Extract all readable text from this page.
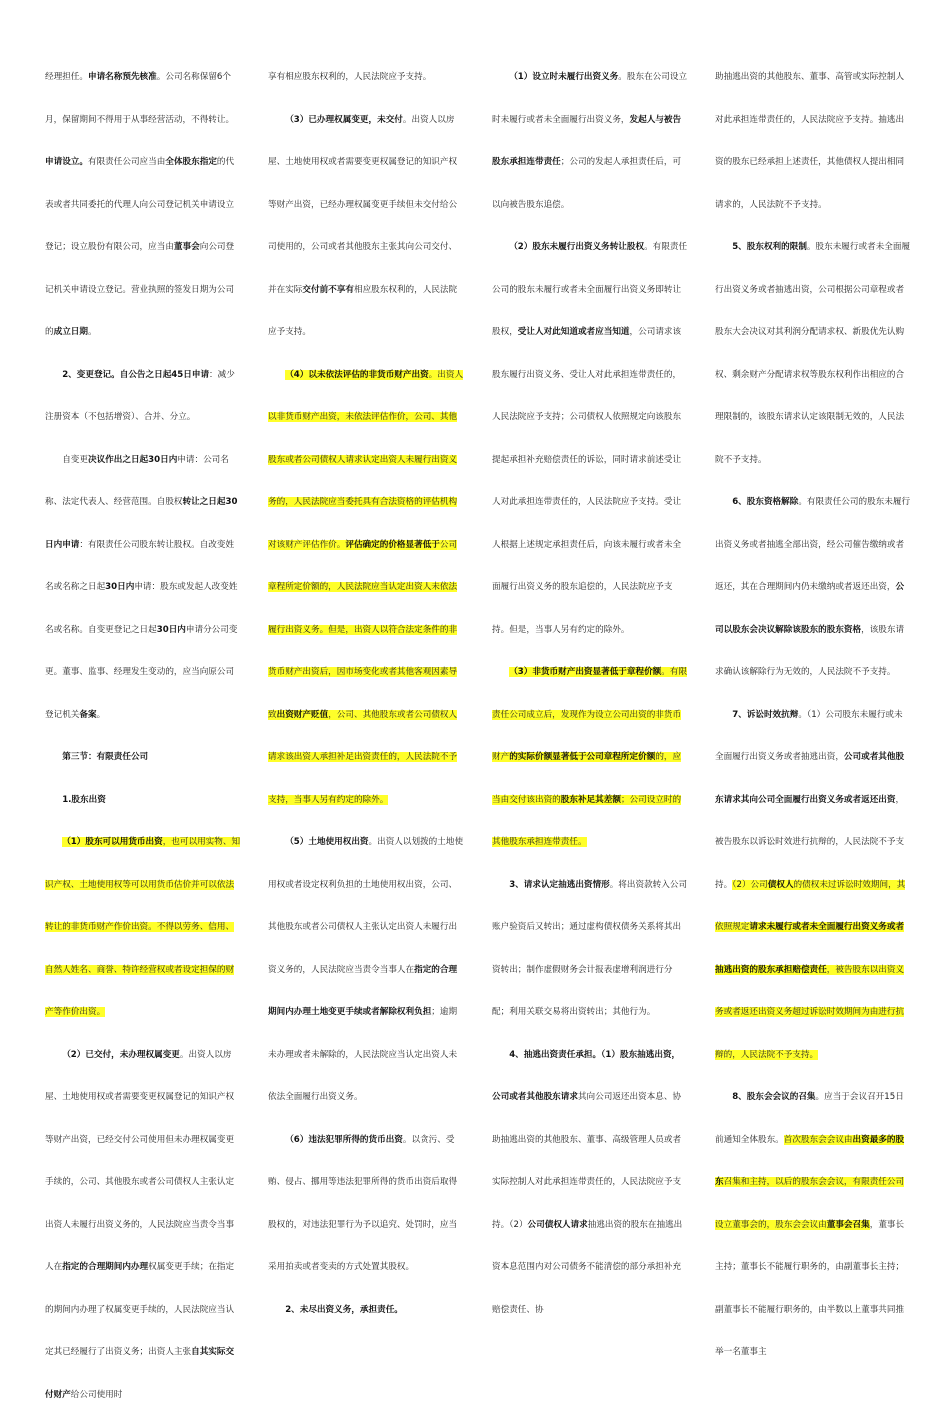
经理担任。申请名称预先核准。公司名称保留6个月，保留期间不得用于从事经营活动，不得转让。申请设立。有限责任公司应当由全体股东指定的代表或者共同委托的代理人向公司登记机关申请设立登记；设立股份有限公司，应当由董事会向公司登记机关申请设立登记。营业执照的签发日期为公司的成立日期。

2、变更登记。自公告之日起45日申请：减少注册资本（不包括增资）、合并、分立。

自变更决议作出之日起30日内申请：公司名称、法定代表人、经营范围。自股权转让之日起30日内申请：有限责任公司股东转让股权。自改变姓名或名称之日起30日内申请：股东或发起人改变姓名或名称。自变更登记之日起30日内申请分公司变更。董事、监事、经理发生变动的，应当向原公司登记机关备案。

第三节：有限责任公司

1.股东出资

（1）股东可以用货币出资，也可以用实物、知识产权、土地使用权等可以用货币估价并可以依法转让的非货币财产作价出资。不得以劳务、信用、自然人姓名、商誉、特许经营权或者设定担保的财产等作价出资。

（2）已交付，未办理权属变更。出资人以房屋、土地使用权或者需要变更权属登记的知识产权等财产出资，已经交付公司使用但未办理权属变更手续的，公司、其他股东或者公司债权人主张认定出资人未履行出资义务的，人民法院应当责令当事人在指定的合理期间内办理权属变更手续；在指定的期间内办理了权属变更手续的，人民法院应当认定其已经履行了出资义务；出资人主张自其实际交付财产给公司使用时

享有相应股东权利的，人民法院应予支持。

（3）已办理权属变更，未交付。出资人以房屋、土地使用权或者需要变更权属登记的知识产权等财产出资，已经办理权属变更手续但未交付给公司使用的，公司或者其他股东主张其向公司交付、并在实际交付前不享有相应股东权利的，人民法院应予支持。

（4）以未依法评估的非货币财产出资。出资人以非货币财产出资，未依法评估作价，公司、其他股东或者公司债权人请求认定出资人未履行出资义务的，人民法院应当委托具有合法资格的评估机构对该财产评估作价。评估确定的价格显著低于公司章程所定价额的，人民法院应当认定出资人未依法履行出资义务。但是，出资人以符合法定条件的非货币财产出资后，因市场变化或者其他客观因素导致出资财产贬值，公司、其他股东或者公司债权人请求该出资人承担补足出资责任的，人民法院不予支持，当事人另有约定的除外。

（5）土地使用权出资。出资人以划拨的土地使用权或者设定权利负担的土地使用权出资，公司、其他股东或者公司债权人主张认定出资人未履行出资义务的，人民法院应当责令当事人在指定的合理期间内办理土地变更手续或者解除权利负担；逾期未办理或者未解除的，人民法院应当认定出资人未依法全面履行出资义务。

（6）违法犯罪所得的货币出资。以贪污、受贿、侵占、挪用等违法犯罪所得的货币出资后取得股权的，对违法犯罪行为予以追究、处罚时，应当采用拍卖或者变卖的方式处置其股权。

2、未尽出资义务，承担责任。

（1）设立时未履行出资义务。股东在公司设立时未履行或者未全面履行出资义务，发起人与被告股东承担连带责任；公司的发起人承担责任后，可以向被告股东追偿。

（2）股东未履行出资义务转让股权。有限责任公司的股东未履行或者未全面履行出资义务即转让股权，受让人对此知道或者应当知道，公司请求该股东履行出资义务、受让人对此承担连带责任的，人民法院应予支持；公司债权人依照规定向该股东提起承担补充赔偿责任的诉讼，同时请求前述受让人对此承担连带责任的，人民法院应予支持。受让人根据上述规定承担责任后，向该未履行或者未全面履行出资义务的股东追偿的，人民法院应予支持。但是，当事人另有约定的除外。

（3）非货币财产出资显著低于章程价额。有限责任公司成立后，发现作为设立公司出资的非货币财产的实际价额显著低于公司章程所定价额的，应当由交付该出资的股东补足其差额；公司设立时的其他股东承担连带责任。

3、请求认定抽逃出资情形。将出资款转入公司账户验资后又转出；通过虚构债权债务关系将其出资转出；制作虚假财务会计报表虚增利润进行分配；利用关联交易将出资转出；其他行为。

4、抽逃出资责任承担。（1）股东抽逃出资，公司或者其他股东请求其向公司返还出资本息、协助抽逃出资的其他股东、董事、高级管理人员或者实际控制人对此承担连带责任的，人民法院应予支持。（2）公司债权人请求抽逃出资的股东在抽逃出资本息范围内对公司债务不能清偿的部分承担补充赔偿责任、协

助抽逃出资的其他股东、董事、高管或实际控制人对此承担连带责任的，人民法院应予支持。抽逃出资的股东已经承担上述责任，其他债权人提出相同请求的，人民法院不予支持。

5、股东权利的限制。股东未履行或者未全面履行出资义务或者抽逃出资，公司根据公司章程或者股东大会决议对其利润分配请求权、新股优先认购权、剩余财产分配请求权等股东权利作出相应的合理限制的，该股东请求认定该限制无效的，人民法院不予支持。

6、股东资格解除。有限责任公司的股东未履行出资义务或者抽逃全部出资，经公司催告缴纳或者返还，其在合理期间内仍未缴纳或者返还出资，公司以股东会决议解除该股东的股东资格，该股东请求确认该解除行为无效的，人民法院不予支持。

7、诉讼时效抗辩。（1）公司股东未履行或未全面履行出资义务或者抽逃出资，公司或者其他股东请求其向公司全面履行出资义务或者返还出资，被告股东以诉讼时效进行抗辩的，人民法院不予支持。（2）公司债权人的债权未过诉讼时效期间，其依照规定请求未履行或者未全面履行出资义务或者抽逃出资的股东承担赔偿责任，被告股东以出资义务或者返还出资义务超过诉讼时效期间为由进行抗辩的，人民法院不予支持。

8、股东会会议的召集。应当于会议召开15日前通知全体股东。首次股东会会议由出资最多的股东召集和主持，以后的股东会会议，有限责任公司设立董事会的，股东会会议由董事会召集，董事长主持；董事长不能履行职务的，由副董事长主持；副董事长不能履行职务的，由半数以上董事共同推举一名董事主
